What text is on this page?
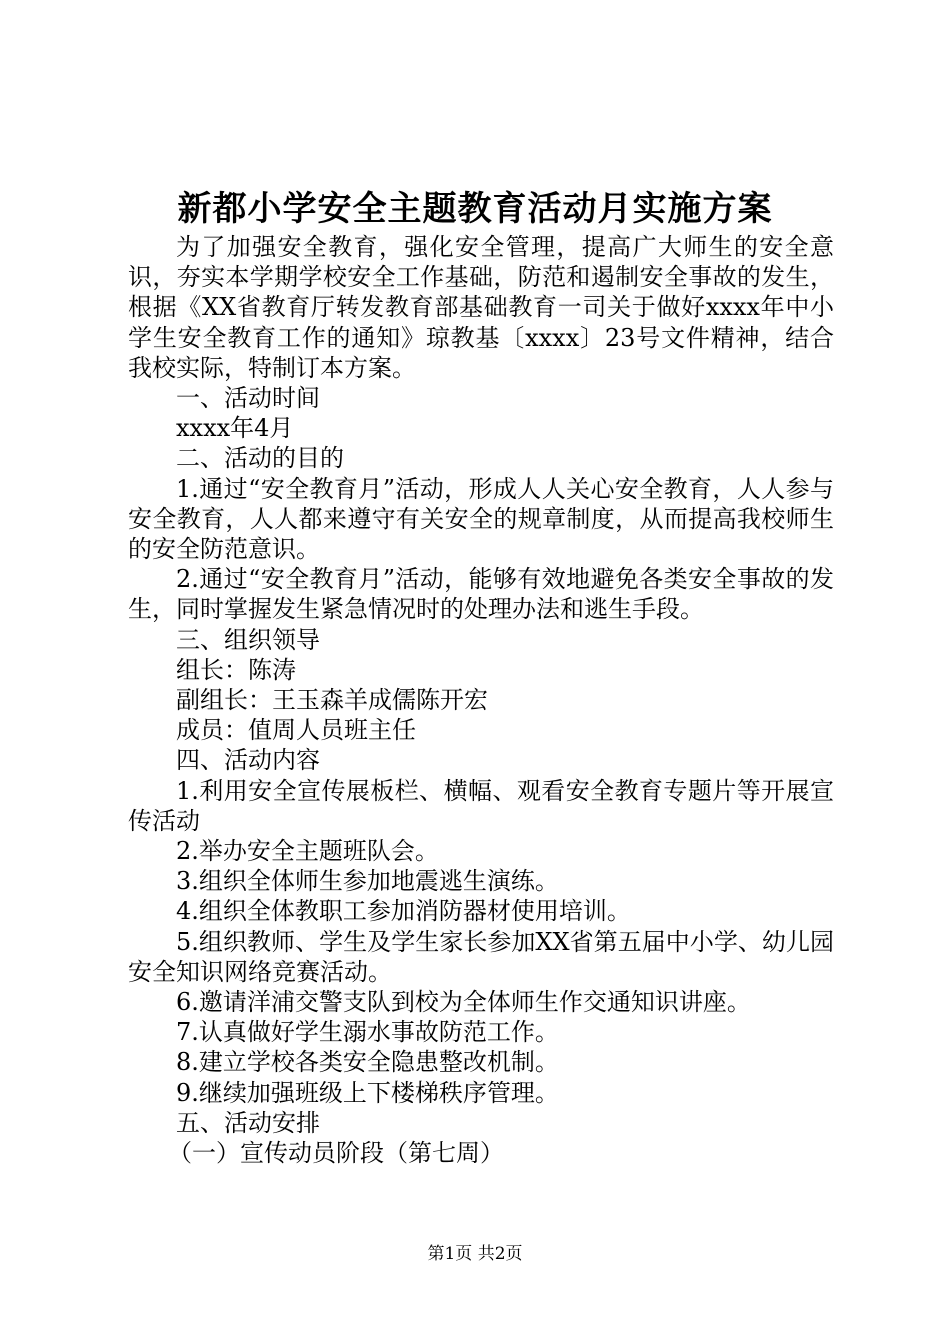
新都小学安全主题教育活动月实施方案

为了加强安全教育，强化安全管理，提高广大师生的安全意识，夯实本学期学校安全工作基础，防范和遏制安全事故的发生，根据《XX省教育厅转发教育部基础教育一司关于做好xxxx年中小学生安全教育工作的通知》琼教基〔xxxx〕23号文件精神，结合我校实际，特制订本方案。

一、活动时间

xxxx年4月

二、活动的目的

1.通过“安全教育月”活动，形成人人关心安全教育，人人参与安全教育，人人都来遵守有关安全的规章制度，从而提高我校师生的安全防范意识。

2.通过“安全教育月”活动，能够有效地避免各类安全事故的发生，同时掌握发生紧急情况时的处理办法和逃生手段。

三、组织领导

组长：陈涛

副组长：王玉森羊成儒陈开宏

成员：值周人员班主任

四、活动内容

1.利用安全宣传展板栏、横幅、观看安全教育专题片等开展宣传活动

2.举办安全主题班队会。

3.组织全体师生参加地震逃生演练。

4.组织全体教职工参加消防器材使用培训。

5.组织教师、学生及学生家长参加XX省第五届中小学、幼儿园安全知识网络竞赛活动。

6.邀请洋浦交警支队到校为全体师生作交通知识讲座。

7.认真做好学生溺水事故防范工作。

8.建立学校各类安全隐患整改机制。

9.继续加强班级上下楼梯秩序管理。

五、活动安排

（一）宣传动员阶段（第七周）

第1页 共2页
